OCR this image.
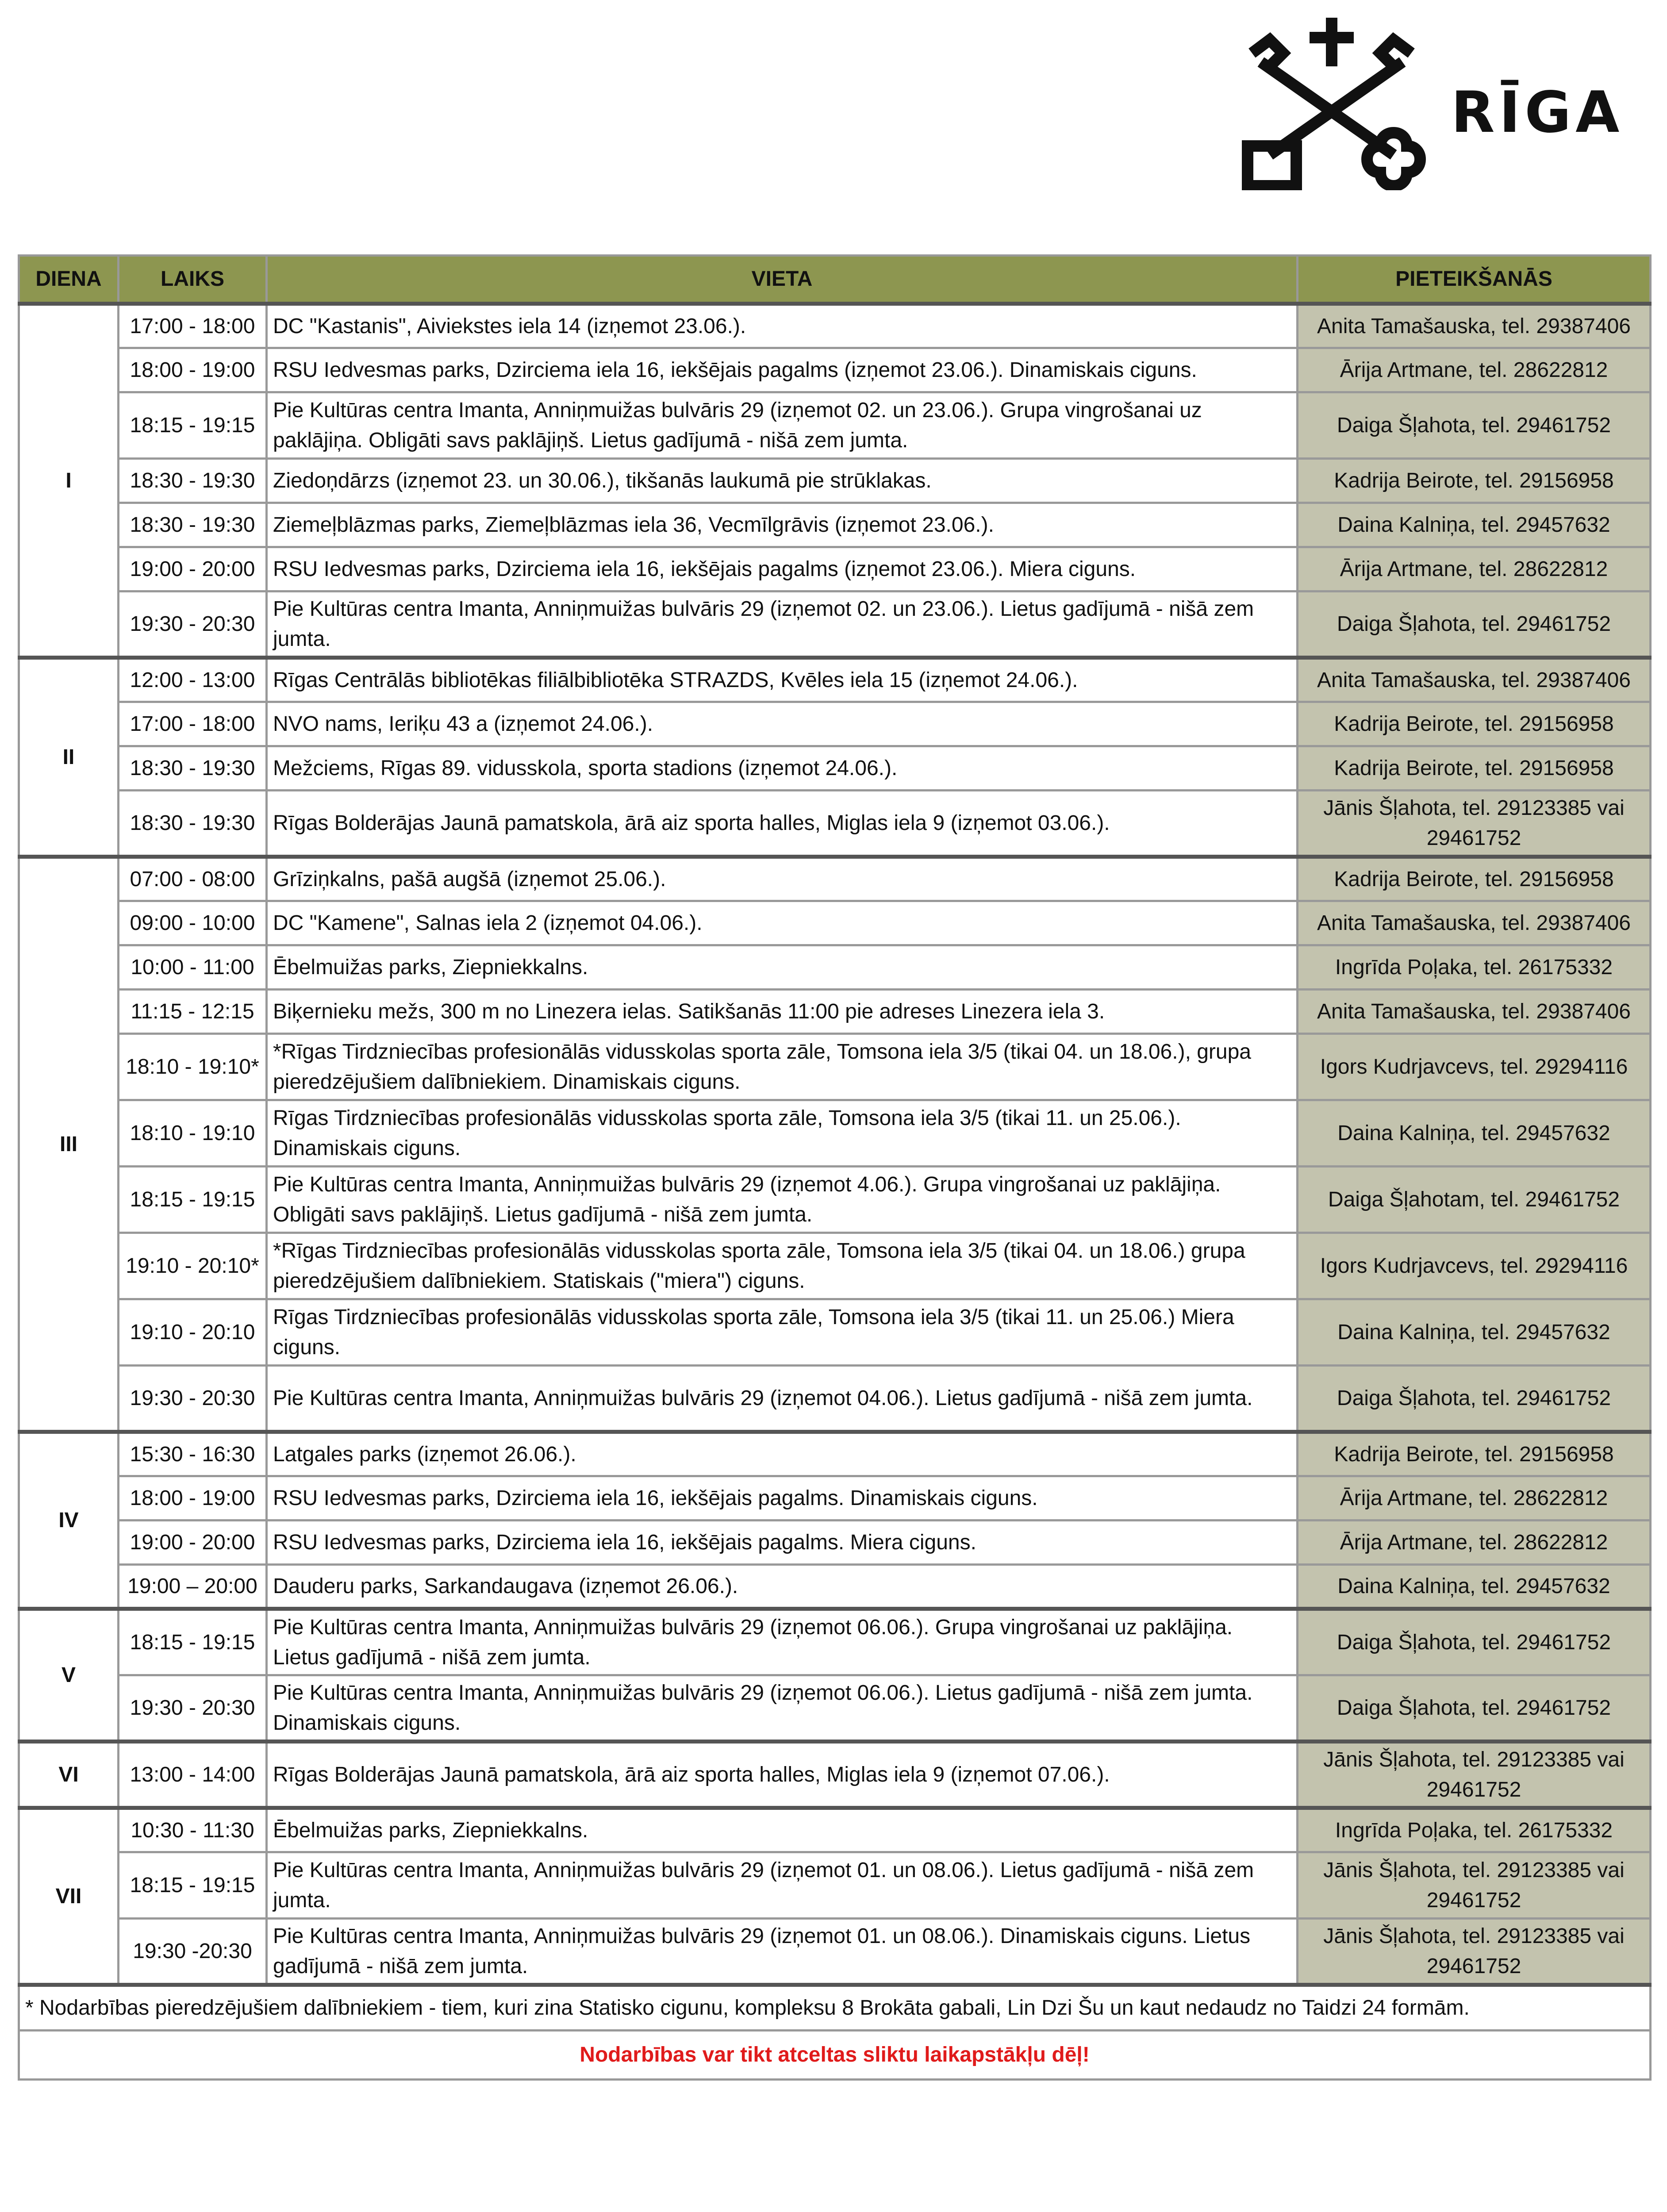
RĪGA
DIENA	LAIKS	VIETA	PIETEIKŠANĀS
I	17:00 - 18:00	DC "Kastanis", Aiviekstes iela 14 (izņemot 23.06.).	Anita Tamašauska, tel. 29387406
	18:00 - 19:00	RSU Iedvesmas parks, Dzirciema iela 16, iekšējais pagalms (izņemot 23.06.). Dinamiskais ciguns.	Ārija Artmane, tel. 28622812
	18:15 - 19:15	Pie Kultūras centra Imanta, Anniņmuižas bulvāris 29 (izņemot 02. un 23.06.). Grupa vingrošanai uz paklājiņa. Obligāti savs paklājiņš. Lietus gadījumā - nišā zem jumta.	Daiga Šļahota, tel. 29461752
	18:30 - 19:30	Ziedoņdārzs (izņemot 23. un 30.06.), tikšanās laukumā pie strūklakas.	Kadrija Beirote, tel. 29156958
	18:30 - 19:30	Ziemeļblāzmas parks, Ziemeļblāzmas iela 36, Vecmīlgrāvis (izņemot 23.06.).	Daina Kalniņa, tel. 29457632
	19:00 - 20:00	RSU Iedvesmas parks, Dzirciema iela 16, iekšējais pagalms (izņemot 23.06.). Miera ciguns.	Ārija Artmane, tel. 28622812
	19:30 - 20:30	Pie Kultūras centra Imanta, Anniņmuižas bulvāris 29 (izņemot 02. un 23.06.). Lietus gadījumā - nišā zem jumta.	Daiga Šļahota, tel. 29461752
II	12:00 - 13:00	Rīgas Centrālās bibliotēkas filiālbibliotēka STRAZDS, Kvēles iela 15 (izņemot 24.06.).	Anita Tamašauska, tel. 29387406
	17:00 - 18:00	NVO nams, Ieriķu 43 a (izņemot 24.06.).	Kadrija Beirote, tel. 29156958
	18:30 - 19:30	Mežciems, Rīgas 89. vidusskola, sporta stadions (izņemot 24.06.).	Kadrija Beirote, tel. 29156958
	18:30 - 19:30	Rīgas Bolderājas Jaunā pamatskola, ārā aiz sporta halles, Miglas iela 9 (izņemot 03.06.).	Jānis Šļahota, tel. 29123385 vai 29461752
III	07:00 - 08:00	Grīziņkalns, pašā augšā (izņemot 25.06.).	Kadrija Beirote, tel. 29156958
	09:00 - 10:00	DC "Kamene", Salnas iela 2 (izņemot 04.06.).	Anita Tamašauska, tel. 29387406
	10:00 - 11:00	Ēbelmuižas parks, Ziepniekkalns.	Ingrīda Poļaka, tel. 26175332
	11:15 - 12:15	Biķernieku mežs, 300 m no Linezera ielas. Satikšanās 11:00 pie adreses Linezera iela 3.	Anita Tamašauska, tel. 29387406
	18:10 - 19:10*	*Rīgas Tirdzniecības profesionālās vidusskolas sporta zāle, Tomsona iela 3/5 (tikai 04. un 18.06.), grupa pieredzējušiem dalībniekiem. Dinamiskais ciguns.	Igors Kudrjavcevs, tel. 29294116
	18:10 - 19:10	Rīgas Tirdzniecības profesionālās vidusskolas sporta zāle, Tomsona iela 3/5 (tikai 11. un 25.06.). Dinamiskais ciguns.	Daina Kalniņa, tel. 29457632
	18:15 - 19:15	Pie Kultūras centra Imanta, Anniņmuižas bulvāris 29 (izņemot 4.06.). Grupa vingrošanai uz paklājiņa. Obligāti savs paklājiņš. Lietus gadījumā - nišā zem jumta.	Daiga Šļahotam, tel. 29461752
	19:10 - 20:10*	*Rīgas Tirdzniecības profesionālās vidusskolas sporta zāle, Tomsona iela 3/5 (tikai 04. un 18.06.) grupa pieredzējušiem dalībniekiem. Statiskais ("miera") ciguns.	Igors Kudrjavcevs, tel. 29294116
	19:10 - 20:10	Rīgas Tirdzniecības profesionālās vidusskolas sporta zāle, Tomsona iela 3/5 (tikai 11. un 25.06.) Miera ciguns.	Daina Kalniņa, tel. 29457632
	19:30 - 20:30	Pie Kultūras centra Imanta, Anniņmuižas bulvāris 29 (izņemot 04.06.). Lietus gadījumā - nišā zem jumta.	Daiga Šļahota, tel. 29461752
IV	15:30 - 16:30	Latgales parks (izņemot 26.06.).	Kadrija Beirote, tel. 29156958
	18:00 - 19:00	RSU Iedvesmas parks, Dzirciema iela 16, iekšējais pagalms. Dinamiskais ciguns.	Ārija Artmane, tel. 28622812
	19:00 - 20:00	RSU Iedvesmas parks, Dzirciema iela 16, iekšējais pagalms. Miera ciguns.	Ārija Artmane, tel. 28622812
	19:00 – 20:00	Dauderu parks, Sarkandaugava (izņemot 26.06.).	Daina Kalniņa, tel. 29457632
V	18:15 - 19:15	Pie Kultūras centra Imanta, Anniņmuižas bulvāris 29 (izņemot 06.06.). Grupa vingrošanai uz paklājiņa. Lietus gadījumā - nišā zem jumta.	Daiga Šļahota, tel. 29461752
	19:30 - 20:30	Pie Kultūras centra Imanta, Anniņmuižas bulvāris 29 (izņemot 06.06.). Lietus gadījumā - nišā zem jumta. Dinamiskais ciguns.	Daiga Šļahota, tel. 29461752
VI	13:00 - 14:00	Rīgas Bolderājas Jaunā pamatskola, ārā aiz sporta halles, Miglas iela 9 (izņemot 07.06.).	Jānis Šļahota, tel. 29123385 vai 29461752
VII	10:30 - 11:30	Ēbelmuižas parks, Ziepniekkalns.	Ingrīda Poļaka, tel. 26175332
	18:15 - 19:15	Pie Kultūras centra Imanta, Anniņmuižas bulvāris 29 (izņemot 01. un 08.06.). Lietus gadījumā - nišā zem jumta.	Jānis Šļahota, tel. 29123385 vai 29461752
	19:30 -20:30	Pie Kultūras centra Imanta, Anniņmuižas bulvāris 29 (izņemot 01. un 08.06.). Dinamiskais ciguns. Lietus gadījumā - nišā zem jumta.	Jānis Šļahota, tel. 29123385 vai 29461752
* Nodarbības pieredzējušiem dalībniekiem - tiem, kuri zina Statisko cigunu, kompleksu 8 Brokāta gabali, Lin Dzi Šu un kaut nedaudz no Taidzi 24 formām.			
Nodarbības var tikt atceltas sliktu laikapstākļu dēļ!			
